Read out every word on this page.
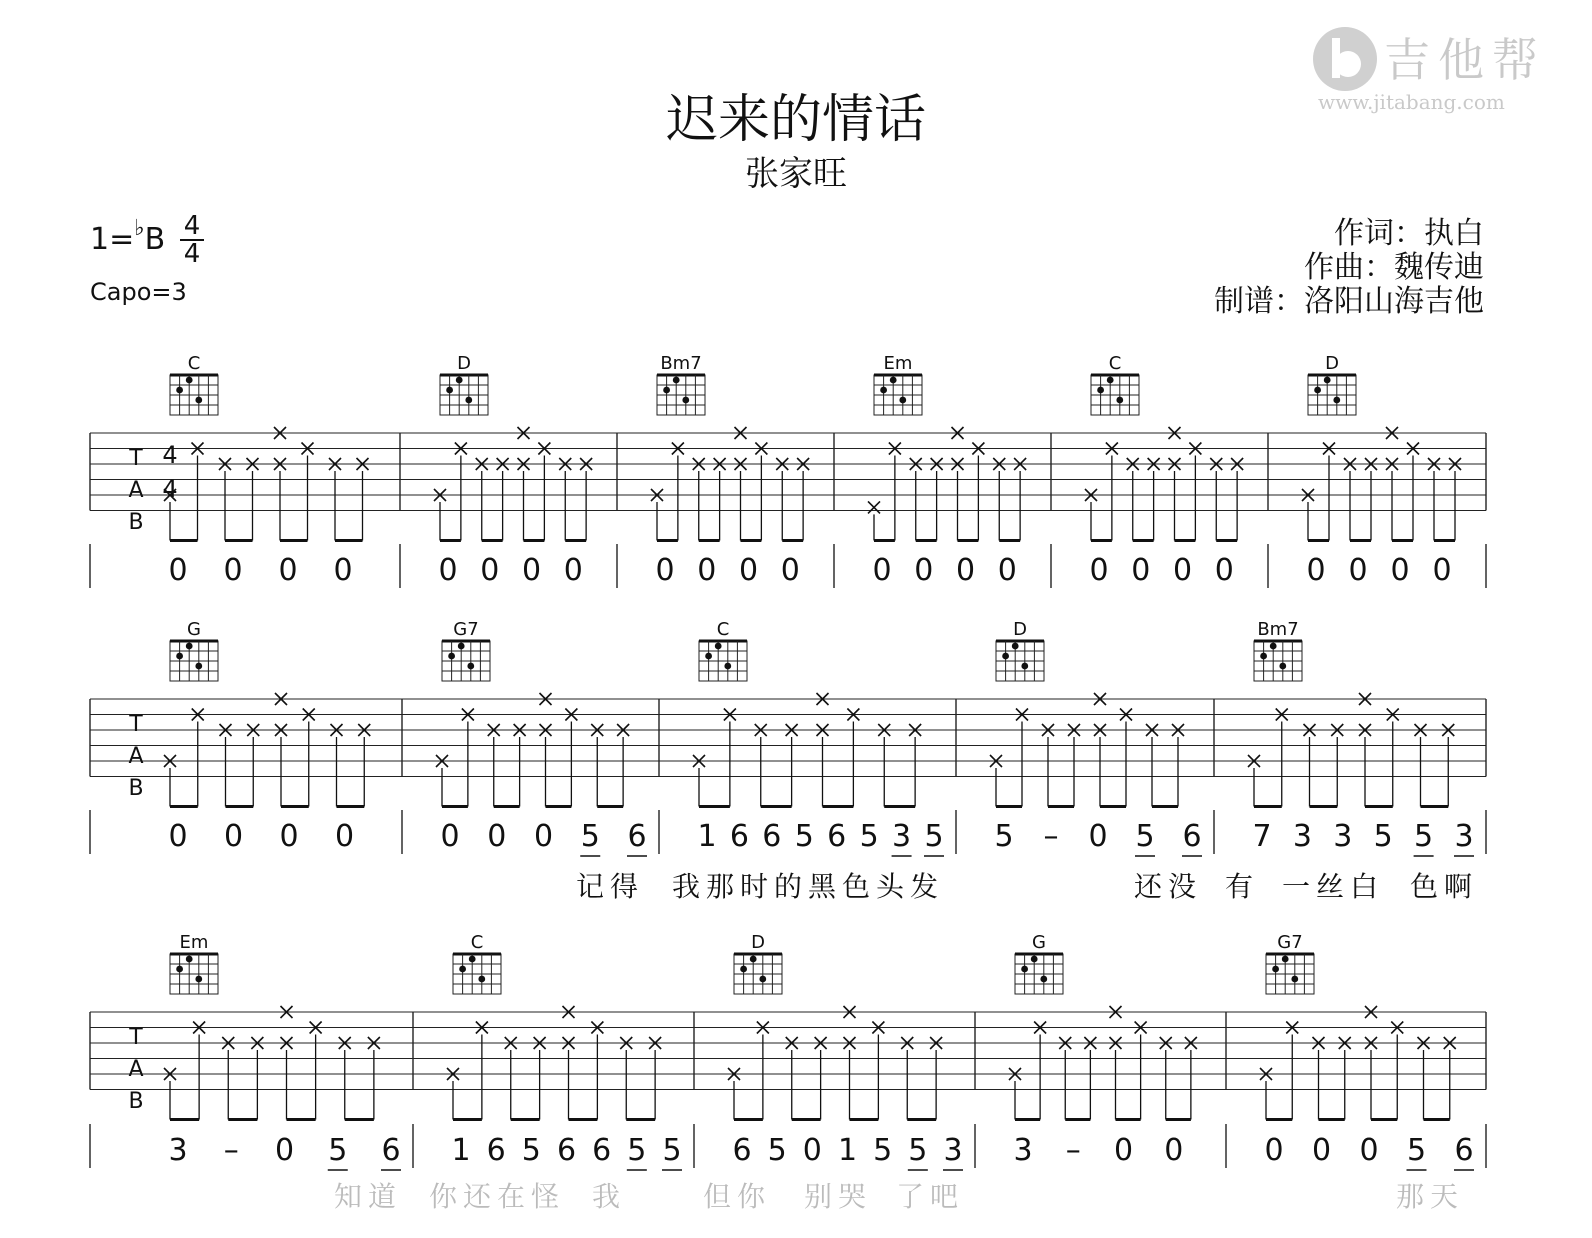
迟来的情话
张家旺
1=♭B 4
4
Capo=3
作词：执白
作曲：魏传迪
制谱：洛阳山海吉他
吉他帮
www.jitabang.com
T
A
B
4
4
C
0 0 0 0
D
0 0 0 0
Bm7
0 0 0 0
Em
0 0 0 0
C
0 0 0 0
D
0 0 0 0
T
A
B
G
0 0 0 0
G7
0 0 0 5 6
C
1 6 6 5 6 5 3 5
D
5 – 0 5 6
Bm7
7 3 3 5 5 3
记得 我那时的黑色头发	还没 有 一丝白 色啊
T
A
B
Em
3 – 0 5 6
C
1 6 5 6 6 5 5
D
6 5 0 1 5 5 3
G
3 – 0 0
G7
0 0 0 5 6
知道 你还在怪 我	但你 别哭 了吧	那天
